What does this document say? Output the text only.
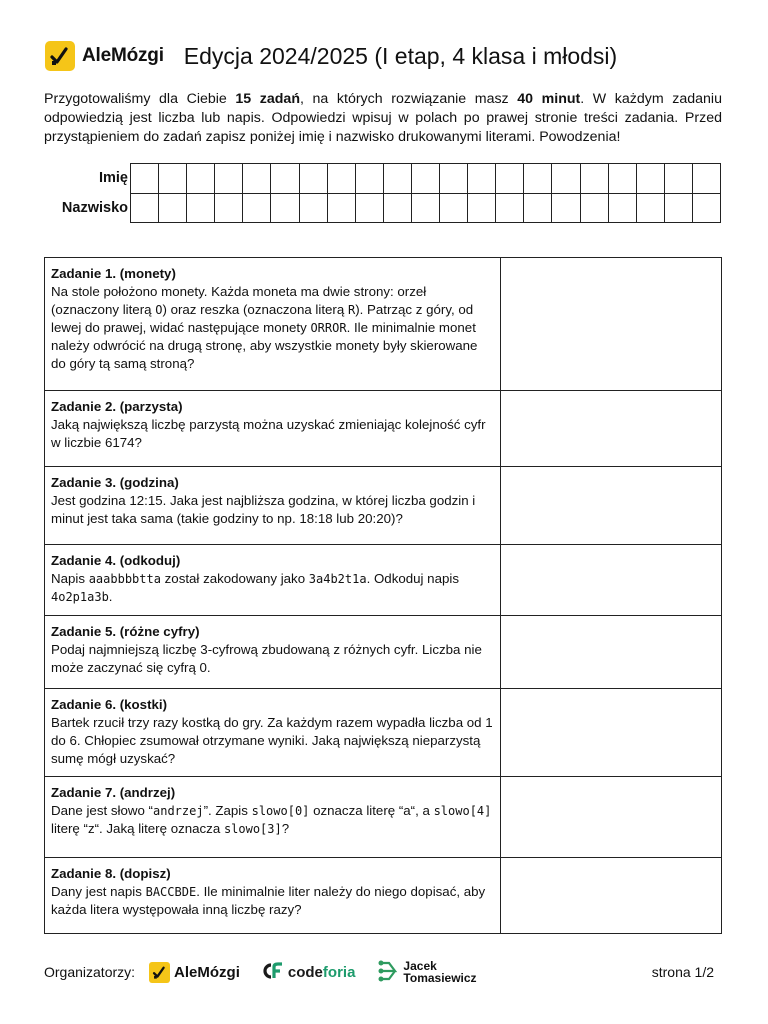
AleMózgi Edycja 2024/2025 (I etap, 4 klasa i młodsi)
Przygotowaliśmy dla Ciebie 15 zadań, na których rozwiązanie masz 40 minut. W każdym zadaniu odpowiedzią jest liczba lub napis. Odpowiedzi wpisuj w polach po prawej stronie treści zadania. Przed przystąpieniem do zadań zapisz poniżej imię i nazwisko drukowanymi literami. Powodzenia!
Imię
Nazwisko
Zadanie 1. (monety)
Na stole położono monety. Każda moneta ma dwie strony: orzeł (oznaczony literą O) oraz reszka (oznaczona literą R). Patrząc z góry, od lewej do prawej, widać następujące monety ORROR. Ile minimalnie monet należy odwrócić na drugą stronę, aby wszystkie monety były skierowane do góry tą samą stroną?
Zadanie 2. (parzysta)
Jaką największą liczbę parzystą można uzyskać zmieniając kolejność cyfr w liczbie 6174?
Zadanie 3. (godzina)
Jest godzina 12:15. Jaka jest najbliższa godzina, w której liczba godzin i minut jest taka sama (takie godziny to np. 18:18 lub 20:20)?
Zadanie 4. (odkoduj)
Napis aaabbbbtta został zakodowany jako 3a4b2t1a. Odkoduj napis 4o2p1a3b.
Zadanie 5. (różne cyfry)
Podaj najmniejszą liczbę 3-cyfrową zbudowaną z różnych cyfr. Liczba nie może zaczynać się cyfrą 0.
Zadanie 6. (kostki)
Bartek rzucił trzy razy kostką do gry. Za każdym razem wypadła liczba od 1 do 6. Chłopiec zsumował otrzymane wyniki. Jaką największą nieparzystą sumę mógł uzyskać?
Zadanie 7. (andrzej)
Dane jest słowo “andrzej”. Zapis slowo[0] oznacza literę “a“, a slowo[4] literę “z“. Jaką literę oznacza slowo[3]?
Zadanie 8. (dopisz)
Dany jest napis BACCBDE. Ile minimalnie liter należy do niego dopisać, aby każda litera występowała inną liczbę razy?
Organizatorzy:	AleMózgi	codeforia	Jacek
Tomasiewicz	strona 1/2
